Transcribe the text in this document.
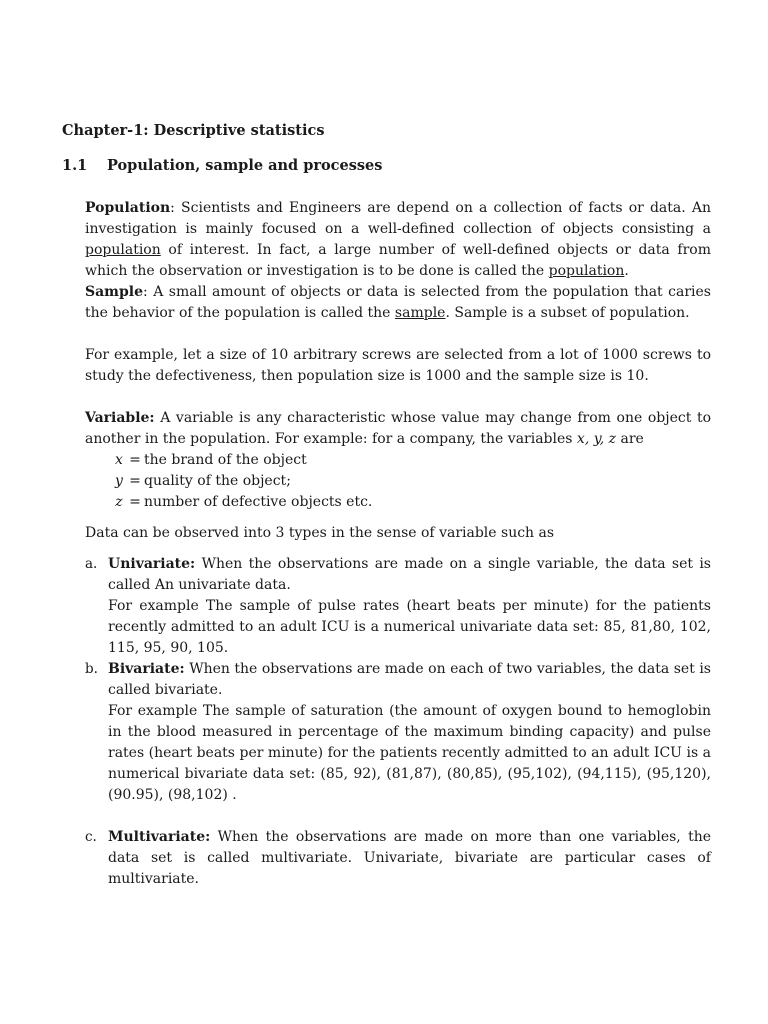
Chapter-1: Descriptive statistics
1.1 Population, sample and processes

Population: Scientists and Engineers are depend on a collection of facts or data. An investigation is mainly focused on a well-defined collection of objects consisting a population of interest. In fact, a large number of well-defined objects or data from which the observation or investigation is to be done is called the population.

Sample: A small amount of objects or data is selected from the population that caries the behavior of the population is called the sample. Sample is a subset of population.

For example, let a size of 10 arbitrary screws are selected from a lot of 1000 screws to study the defectiveness, then population size is 1000 and the sample size is 10.

Variable: A variable is any characteristic whose value may change from one object to another in the population. For example: for a company, the variables x, y, z are

x = the brand of the object
y = quality of the object;
z = number of defective objects etc.

Data can be observed into 3 types in the sense of variable such as

a. Univariate: When the observations are made on a single variable, the data set is called An univariate data.

For example The sample of pulse rates (heart beats per minute) for the patients recently admitted to an adult ICU is a numerical univariate data set: 85, 81,80, 102, 115, 95, 90, 105.

b. Bivariate: When the observations are made on each of two variables, the data set is called bivariate.

For example The sample of saturation (the amount of oxygen bound to hemoglobin in the blood measured in percentage of the maximum binding capacity) and pulse rates (heart beats per minute) for the patients recently admitted to an adult ICU is a numerical bivariate data set: (85, 92), (81,87), (80,85), (95,102), (94,115), (95,120), (90.95), (98,102) .

c. Multivariate: When the observations are made on more than one variables, the data set is called multivariate. Univariate, bivariate are particular cases of multivariate.
